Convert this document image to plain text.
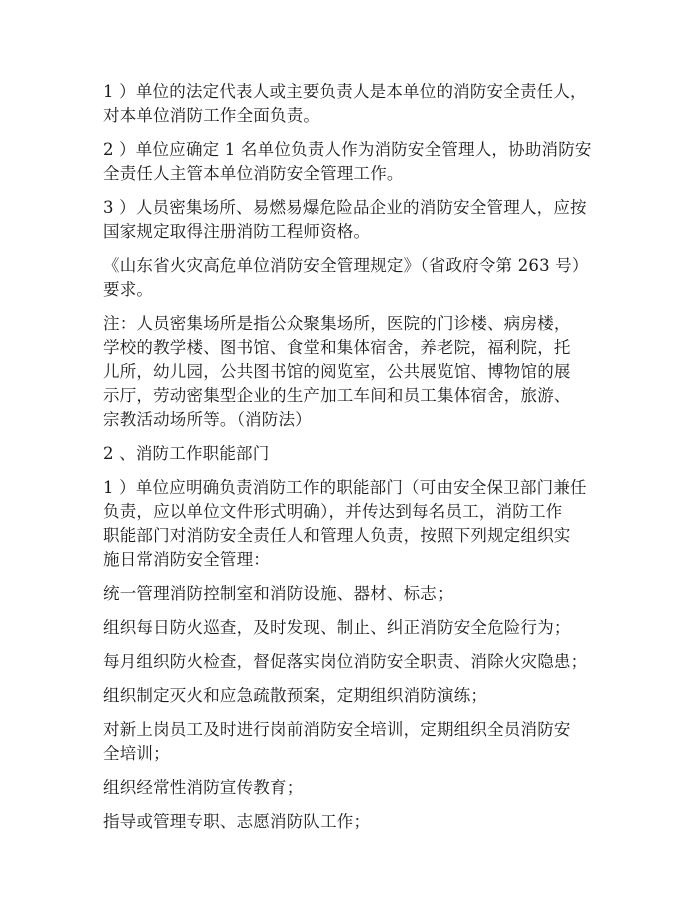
1 ）单位的法定代表人或主要负责人是本单位的消防安全责任人，
对本单位消防工作全面负责。

2 ）单位应确定 1 名单位负责人作为消防安全管理人，协助消防安
全责任人主管本单位消防安全管理工作。

3 ）人员密集场所、易燃易爆危险品企业的消防安全管理人，应按
国家规定取得注册消防工程师资格。

《山东省火灾高危单位消防安全管理规定》（省政府令第 263 号）
要求。

注：人员密集场所是指公众聚集场所，医院的门诊楼、病房楼，
学校的教学楼、图书馆、食堂和集体宿舍，养老院，福利院，托
儿所，幼儿园，公共图书馆的阅览室，公共展览馆、博物馆的展
示厅，劳动密集型企业的生产加工车间和员工集体宿舍，旅游、
宗教活动场所等。（消防法）

2 、消防工作职能部门

1 ）单位应明确负责消防工作的职能部门（可由安全保卫部门兼任
负责，应以单位文件形式明确），并传达到每名员工，消防工作
职能部门对消防安全责任人和管理人负责，按照下列规定组织实
施日常消防安全管理：

统一管理消防控制室和消防设施、器材、标志；

组织每日防火巡查，及时发现、制止、纠正消防安全危险行为；

每月组织防火检查，督促落实岗位消防安全职责、消除火灾隐患；

组织制定灭火和应急疏散预案，定期组织消防演练；

对新上岗员工及时进行岗前消防安全培训，定期组织全员消防安
全培训；

组织经常性消防宣传教育；

指导或管理专职、志愿消防队工作；
